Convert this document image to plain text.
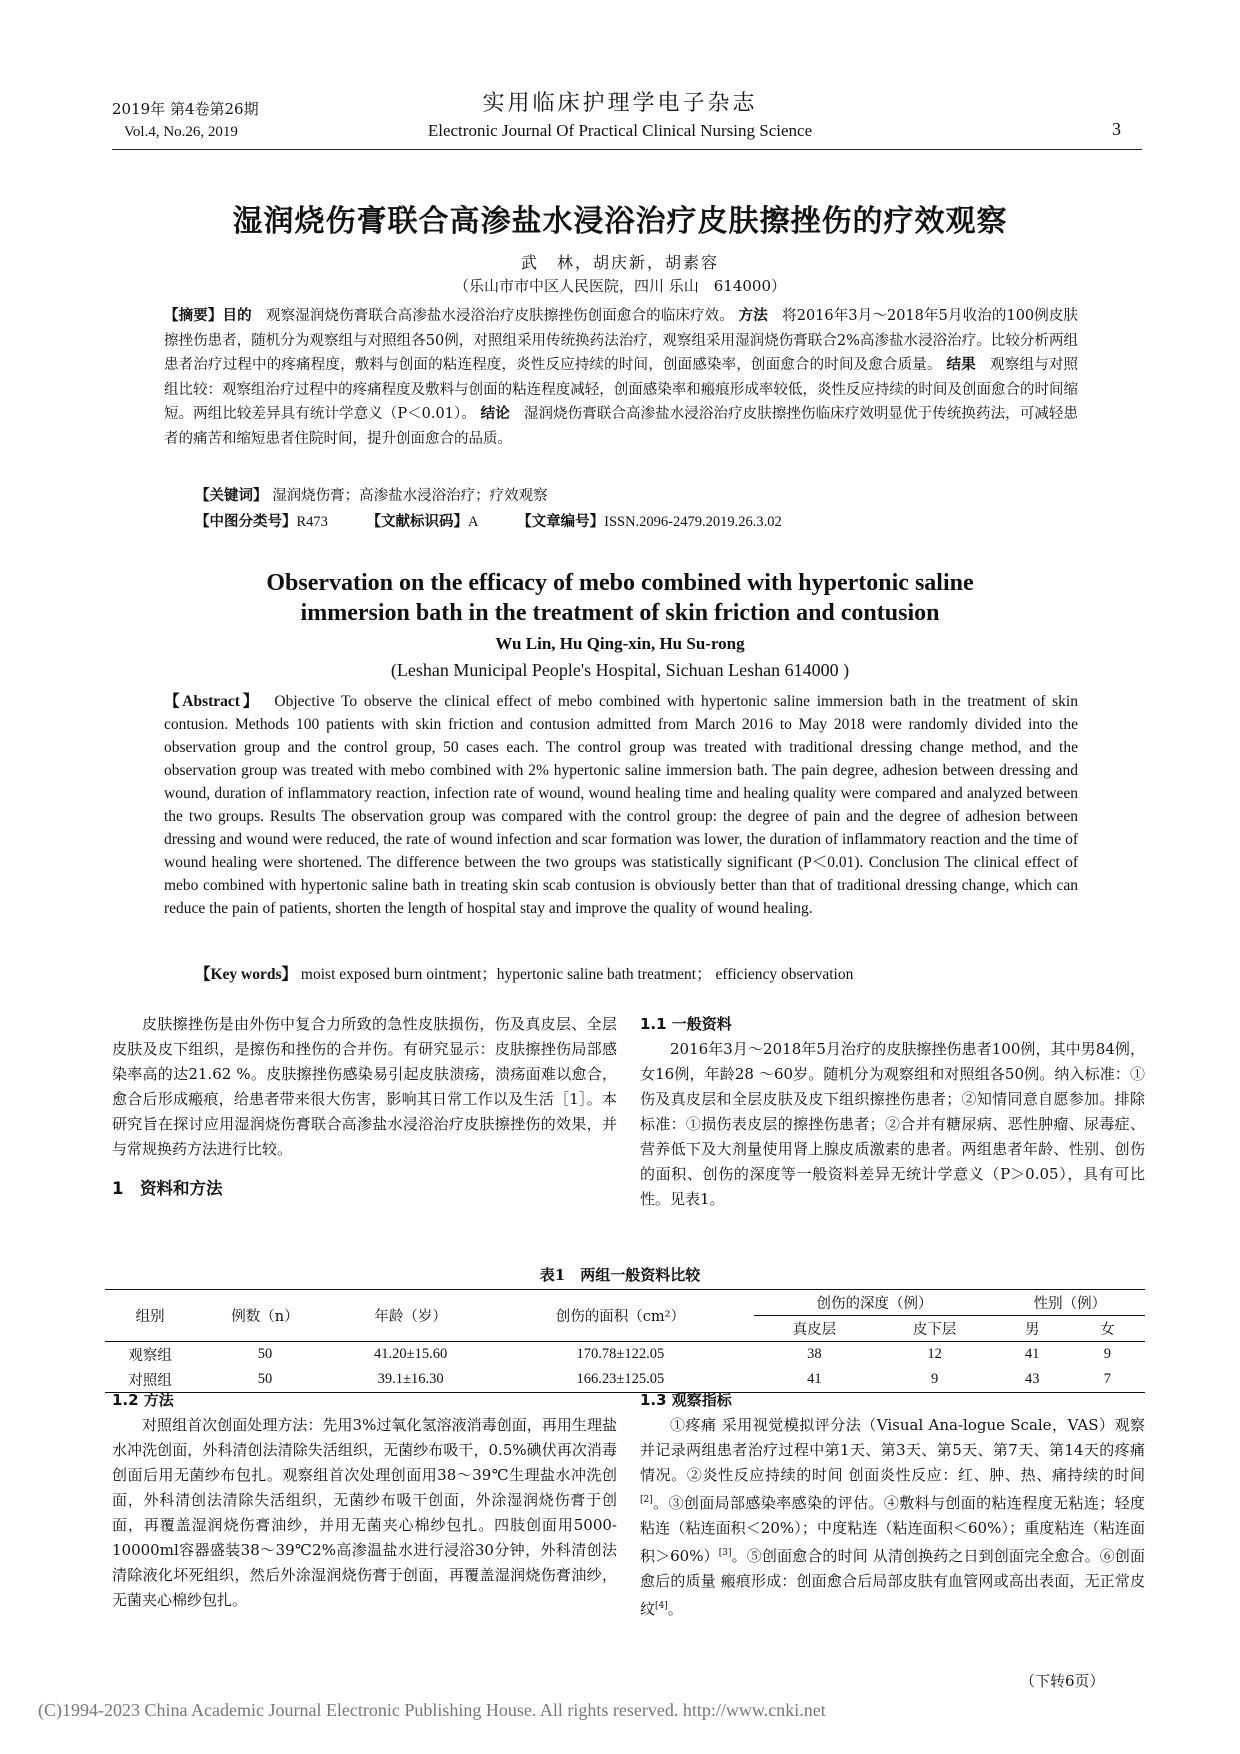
2019年 第4卷第26期
Vol.4, No.26, 2019
实用临床护理学电子杂志
Electronic Journal Of Practical Clinical Nursing Science	3
湿润烧伤膏联合高渗盐水浸浴治疗皮肤擦挫伤的疗效观察
武　林，胡庆新，胡素容
（乐山市市中区人民医院，四川 乐山　614000）
【摘要】目的 观察湿润烧伤膏联合高渗盐水浸浴治疗皮肤擦挫伤创面愈合的临床疗效。 方法 将2016年3月～2018年5月收治的100例皮肤擦挫伤患者，随机分为观察组与对照组各50例，对照组采用传统换药法治疗，观察组采用湿润烧伤膏联合2%高渗盐水浸浴治疗。比较分析两组患者治疗过程中的疼痛程度，敷料与创面的粘连程度，炎性反应持续的时间，创面感染率，创面愈合的时间及愈合质量。 结果 观察组与对照组比较：观察组治疗过程中的疼痛程度及敷料与创面的粘连程度减轻，创面感染率和瘢痕形成率较低，炎性反应持续的时间及创面愈合的时间缩短。两组比较差异具有统计学意义（P＜0.01）。 结论 湿润烧伤膏联合高渗盐水浸浴治疗皮肤擦挫伤临床疗效明显优于传统换药法，可减轻患者的痛苦和缩短患者住院时间，提升创面愈合的品质。
【关键词】 湿润烧伤膏；高渗盐水浸浴治疗；疗效观察
【中图分类号】R473	【文献标识码】A	【文章编号】ISSN.2096-2479.2019.26.3.02
Observation on the efficacy of mebo combined with hypertonic saline
immersion bath in the treatment of skin friction and contusion
Wu Lin, Hu Qing-xin, Hu Su-rong
(Leshan Municipal People's Hospital, Sichuan Leshan 614000 )
【Abstract】 Objective To observe the clinical effect of mebo combined with hypertonic saline immersion bath in the treatment of skin contusion. Methods 100 patients with skin friction and contusion admitted from March 2016 to May 2018 were randomly divided into the observation group and the control group, 50 cases each. The control group was treated with traditional dressing change method, and the observation group was treated with mebo combined with 2% hypertonic saline immersion bath. The pain degree, adhesion between dressing and wound, duration of inflammatory reaction, infection rate of wound, wound healing time and healing quality were compared and analyzed between the two groups. Results The observation group was compared with the control group: the degree of pain and the degree of adhesion between dressing and wound were reduced, the rate of wound infection and scar formation was lower, the duration of inflammatory reaction and the time of wound healing were shortened. The difference between the two groups was statistically significant (P＜0.01). Conclusion The clinical effect of mebo combined with hypertonic saline bath in treating skin scab contusion is obviously better than that of traditional dressing change, which can reduce the pain of patients, shorten the length of hospital stay and improve the quality of wound healing.
【Key words】 moist exposed burn ointment；hypertonic saline bath treatment； efficiency observation
皮肤擦挫伤是由外伤中复合力所致的急性皮肤损伤，伤及真皮层、全层皮肤及皮下组织，是擦伤和挫伤的合并伤。有研究显示：皮肤擦挫伤局部感染率高的达21.62 %。皮肤擦挫伤感染易引起皮肤溃疡，溃疡面难以愈合，愈合后形成瘢痕，给患者带来很大伤害，影响其日常工作以及生活［1］。本研究旨在探讨应用湿润烧伤膏联合高渗盐水浸浴治疗皮肤擦挫伤的效果，并与常规换药方法进行比较。
1　资料和方法
1.1 一般资料
2016年3月～2018年5月治疗的皮肤擦挫伤患者100例，其中男84例，女16例，年龄28 ～60岁。随机分为观察组和对照组各50例。纳入标准：①伤及真皮层和全层皮肤及皮下组织擦挫伤患者；②知情同意自愿参加。排除标准：①损伤表皮层的擦挫伤患者；②合并有糖尿病、恶性肿瘤、尿毒症、营养低下及大剂量使用肾上腺皮质激素的患者。两组患者年龄、性别、创伤的面积、创伤的深度等一般资料差异无统计学意义（P＞0.05），具有可比性。见表1。
表1　两组一般资料比较
组别	例数（n）	年龄（岁）	创伤的面积（cm²）	创伤的深度（例）		性别（例）	
				真皮层	皮下层	男	女
观察组	50	41.20±15.60	170.78±122.05	38	12	41	9
对照组	50	39.1±16.30	166.23±125.05	41	9	43	7
1.2 方法
对照组首次创面处理方法：先用3%过氧化氢溶液消毒创面，再用生理盐水冲洗创面，外科清创法清除失活组织，无菌纱布吸干，0.5%碘伏再次消毒创面后用无菌纱布包扎。观察组首次处理创面用38～39℃生理盐水冲洗创面，外科清创法清除失活组织，无菌纱布吸干创面，外涂湿润烧伤膏于创面，再覆盖湿润烧伤膏油纱，并用无菌夹心棉纱包扎。四肢创面用5000-10000ml容器盛装38～39℃2%高渗温盐水进行浸浴30分钟，外科清创法清除液化坏死组织，然后外涂湿润烧伤膏于创面，再覆盖湿润烧伤膏油纱，无菌夹心棉纱包扎。
1.3 观察指标
①疼痛 采用视觉模拟评分法（Visual Ana-logue Scale，VAS）观察并记录两组患者治疗过程中第1天、第3天、第5天、第7天、第14天的疼痛情况。②炎性反应持续的时间 创面炎性反应：红、肿、热、痛持续的时间[2]。③创面局部感染率感染的评估。④敷料与创面的粘连程度无粘连；轻度粘连（粘连面积＜20%）；中度粘连（粘连面积＜60%）；重度粘连（粘连面积＞60%）[3]。⑤创面愈合的时间 从清创换药之日到创面完全愈合。⑥创面愈后的质量 瘢痕形成：创面愈合后局部皮肤有血管网或高出表面，无正常皮纹[4]。
（下转6页）
(C)1994-2023 China Academic Journal Electronic Publishing House. All rights reserved. http://www.cnki.net
